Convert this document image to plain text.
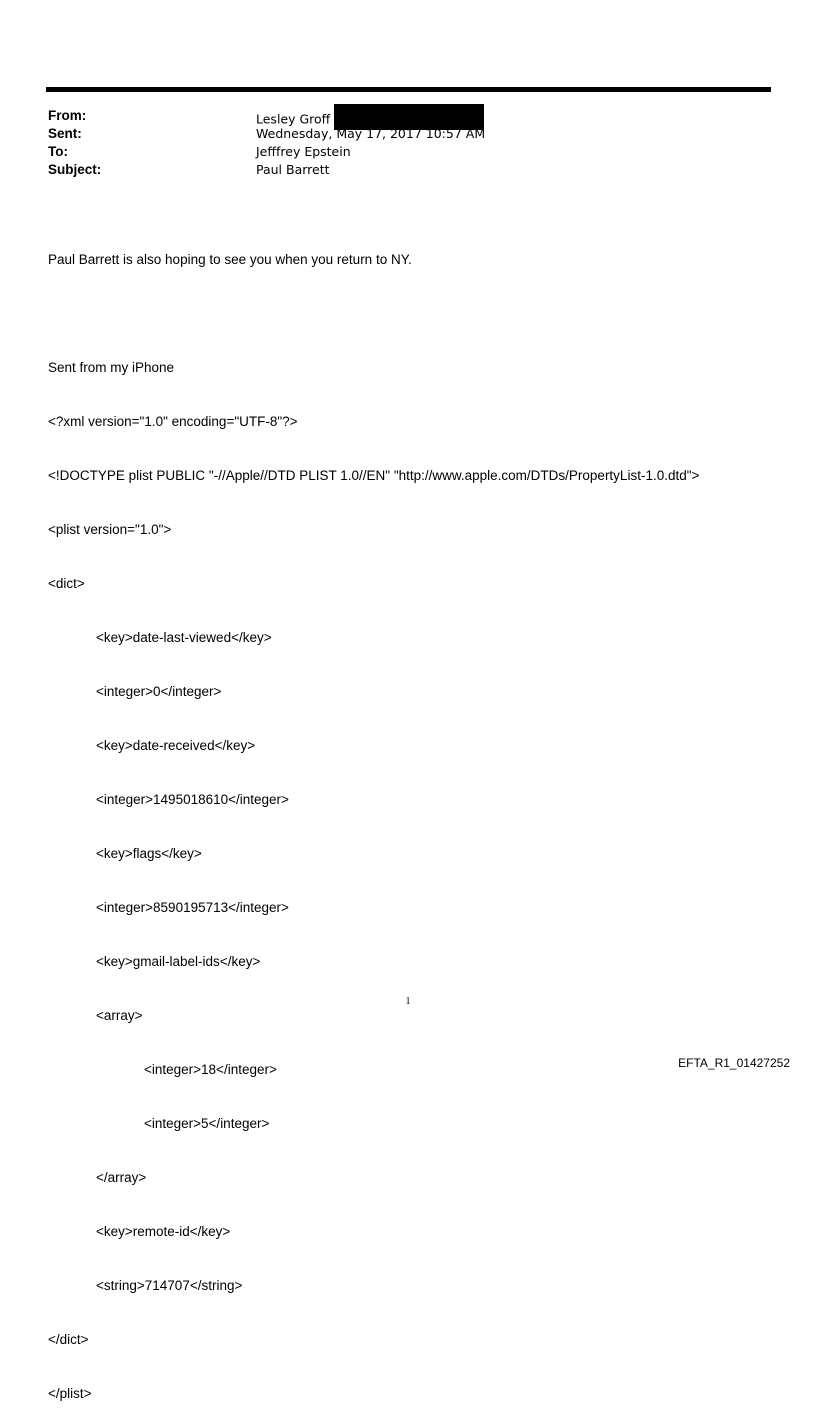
From:	Lesley Groff
Sent:	Wednesday, May 17, 2017 10:57 AM
To:	Jefffrey Epstein
Subject:	Paul Barrett

Paul Barrett is also hoping to see you when you return to NY.

Sent from my iPhone

<?xml version="1.0" encoding="UTF-8"?>

<!DOCTYPE plist PUBLIC "-//Apple//DTD PLIST 1.0//EN" "http://www.apple.com/DTDs/PropertyList-1.0.dtd">

<plist version="1.0">

<dict>

<key>date-last-viewed</key>

<integer>0</integer>

<key>date-received</key>

<integer>1495018610</integer>

<key>flags</key>

<integer>8590195713</integer>

<key>gmail-label-ids</key>

<array>

<integer>18</integer>

<integer>5</integer>

</array>

<key>remote-id</key>

<string>714707</string>

</dict>

</plist>

1
EFTA_R1_01427252
